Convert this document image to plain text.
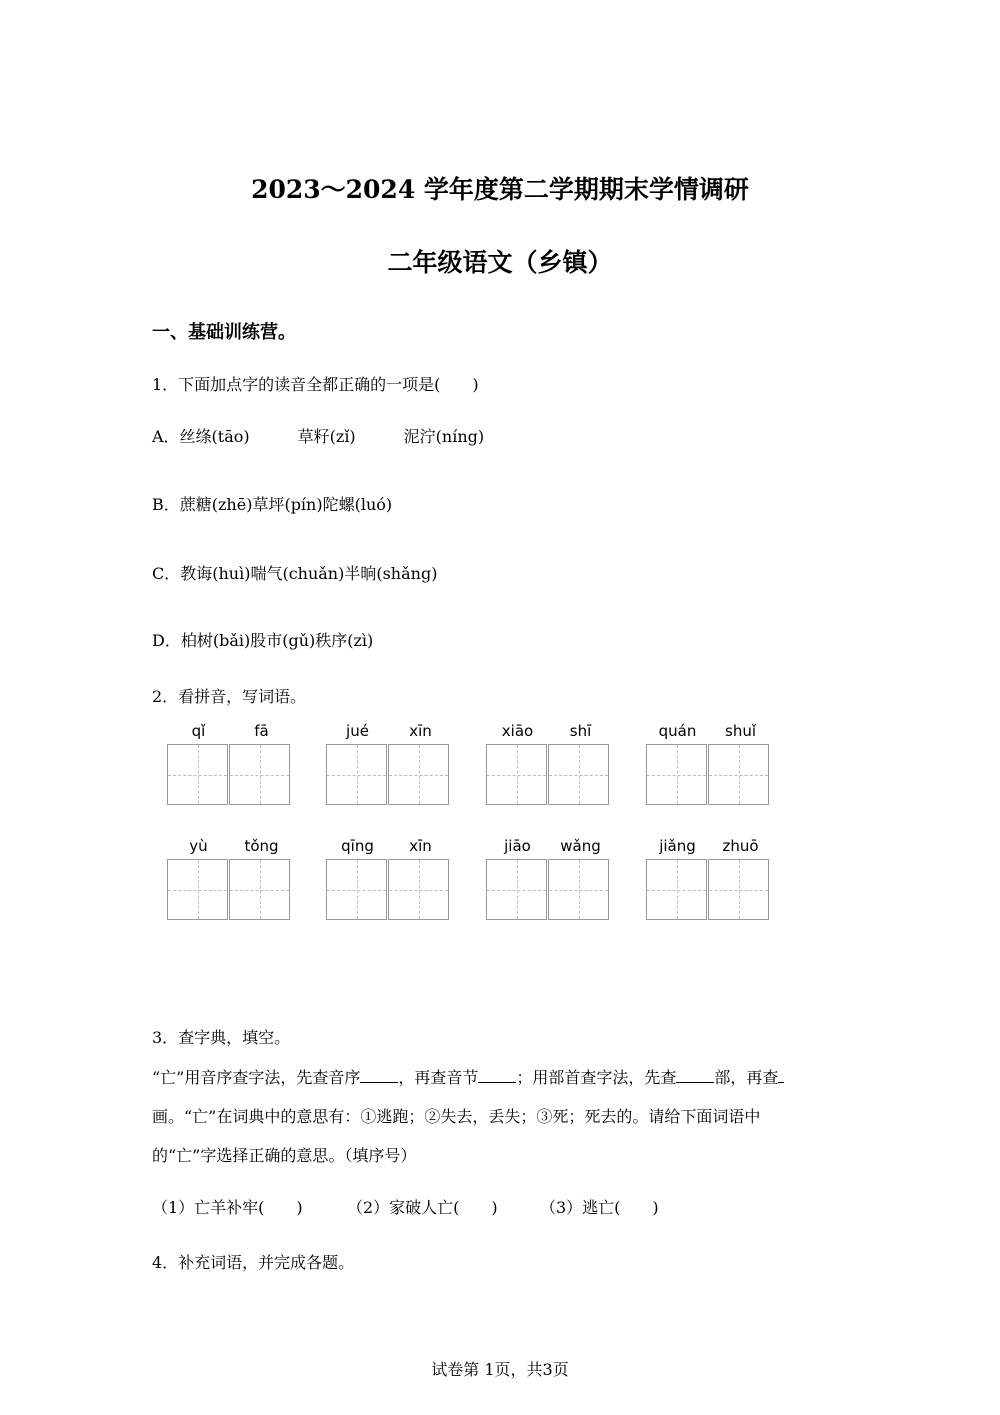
2023～2024 学年度第二学期期末学情调研
二年级语文（乡镇）
一、基础训练营。
1．下面加点字的读音全都正确的一项是(　　)
A．丝绦(tāo)　　　草籽(zǐ)　　　泥泞(níng)
B．蔗糖(zhē)草坪(pín)陀螺(luó)
C．教诲(huì)喘气(chuǎn)半晌(shǎng)
D．柏树(bǎi)股市(gǔ)秩序(zì)
2．看拼音，写词语。
qǐ	fā	jué	xīn	xiāo	shī	quán	shuǐ
yù	tǒng	qīng	xīn	jiāo	wǎng	jiǎng	zhuō
3．查字典，填空。
“亡”用音序查字法，先查音序 ，再查音节 ；用部首查字法，先查 部，再查
画。“亡”在词典中的意思有：①逃跑；②失去，丢失；③死；死去的。请给下面词语中
的“亡”字选择正确的意思。（填序号）
（1）亡羊补牢(　　)	（2）家破人亡(　　)	（3）逃亡(　　)
4．补充词语，并完成各题。
试卷第 1页，共3页
